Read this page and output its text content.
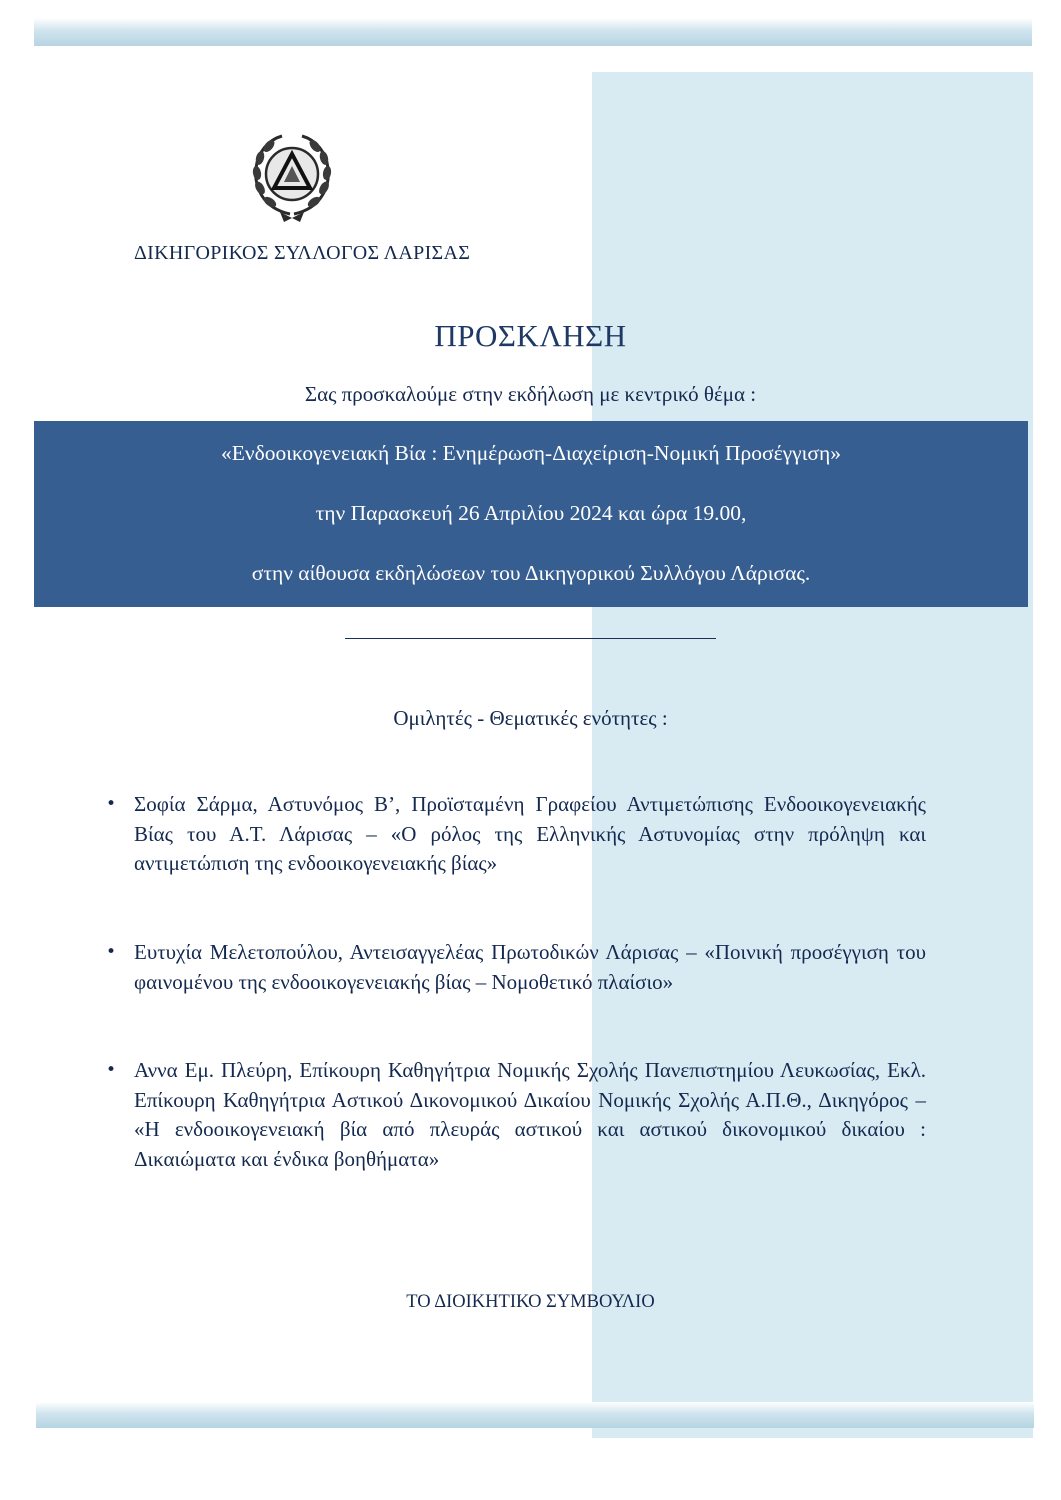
ΔΙΚΗΓΟΡΙΚΟΣ ΣΥΛΛΟΓΟΣ ΛΑΡΙΣΑΣ
ΠΡΟΣΚΛΗΣΗ

Σας προσκαλούμε στην εκδήλωση με κεντρικό θέμα :

«Ενδοοικογενειακή Βία : Ενημέρωση-Διαχείριση-Νομική Προσέγγιση»

την Παρασκευή 26 Απριλίου 2024 και ώρα 19.00,

στην αίθουσα εκδηλώσεων του Δικηγορικού Συλλόγου Λάρισας.

Ομιλητές - Θεματικές ενότητες :
• Σοφία Σάρμα, Αστυνόμος Β’, Προϊσταμένη Γραφείου Αντιμετώπισης Ενδοοικογενειακής Βίας του Α.Τ. Λάρισας – «Ο ρόλος της Ελληνικής Αστυνομίας στην πρόληψη και αντιμετώπιση της ενδοοικογενειακής βίας»
• Ευτυχία Μελετοπούλου, Αντεισαγγελέας Πρωτοδικών Λάρισας – «Ποινική προσέγγιση του φαινομένου της ενδοοικογενειακής βίας – Νομοθετικό πλαίσιο»
• Αννα Εμ. Πλεύρη, Επίκουρη Καθηγήτρια Νομικής Σχολής Πανεπιστημίου Λευκωσίας, Εκλ. Επίκουρη Καθηγήτρια Αστικού Δικονομικού Δικαίου Νομικής Σχολής Α.Π.Θ., Δικηγόρος – «Η ενδοοικογενειακή βία από πλευράς αστικού και αστικού δικονομικού δικαίου : Δικαιώματα και ένδικα βοηθήματα»

ΤΟ ΔΙΟΙΚΗΤΙΚΟ ΣΥΜΒΟΥΛΙΟ
